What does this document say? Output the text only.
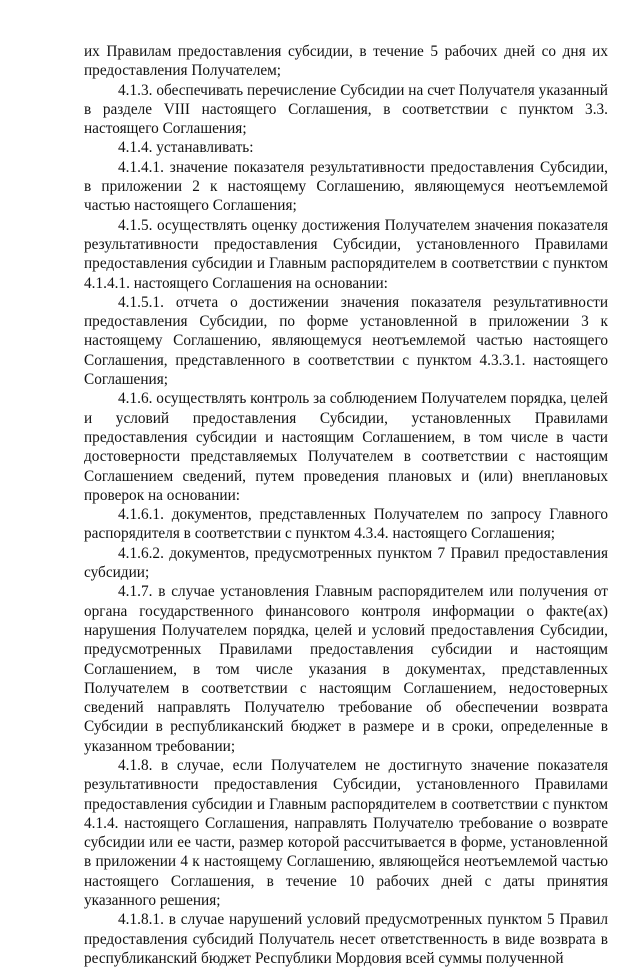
их Правилам предоставления субсидии, в течение 5 рабочих дней со дня их предоставления Получателем;

4.1.3. обеспечивать перечисление Субсидии на счет Получателя указанный в разделе VIII настоящего Соглашения, в соответствии с пунктом 3.3. настоящего Соглашения;

4.1.4. устанавливать:

4.1.4.1. значение показателя результативности предоставления Субсидии, в приложении 2 к настоящему Соглашению, являющемуся неотъемлемой частью настоящего Соглашения;

4.1.5. осуществлять оценку достижения Получателем значения показателя результативности предоставления Субсидии, установленного Правилами предоставления субсидии и Главным распорядителем в соответствии с пунктом 4.1.4.1. настоящего Соглашения на основании:

4.1.5.1. отчета о достижении значения показателя результативности предоставления Субсидии, по форме установленной в приложении 3 к настоящему Соглашению, являющемуся неотъемлемой частью настоящего Соглашения, представленного в соответствии с пунктом 4.3.3.1. настоящего Соглашения;

4.1.6. осуществлять контроль за соблюдением Получателем порядка, целей и условий предоставления Субсидии, установленных Правилами предоставления субсидии и настоящим Соглашением, в том числе в части достоверности представляемых Получателем в соответствии с настоящим Соглашением сведений, путем проведения плановых и (или) внеплановых проверок на основании:

4.1.6.1. документов, представленных Получателем по запросу Главного распорядителя в соответствии с пунктом 4.3.4. настоящего Соглашения;

4.1.6.2. документов, предусмотренных пунктом 7 Правил предоставления субсидии;

4.1.7. в случае установления Главным распорядителем или получения от органа государственного финансового контроля информации о факте(ах) нарушения Получателем порядка, целей и условий предоставления Субсидии, предусмотренных Правилами предоставления субсидии и настоящим Соглашением, в том числе указания в документах, представленных Получателем в соответствии с настоящим Соглашением, недостоверных сведений направлять Получателю требование об обеспечении возврата Субсидии в республиканский бюджет в размере и в сроки, определенные в указанном требовании;

4.1.8. в случае, если Получателем не достигнуто значение показателя результативности предоставления Субсидии, установленного Правилами предоставления субсидии и Главным распорядителем в соответствии с пунктом 4.1.4. настоящего Соглашения, направлять Получателю требование о возврате субсидии или ее части, размер которой рассчитывается в форме, установленной в приложении 4 к настоящему Соглашению, являющейся неотъемлемой частью настоящего Соглашения, в течение 10 рабочих дней с даты принятия указанного решения;

4.1.8.1. в случае нарушений условий предусмотренных пунктом 5 Правил предоставления субсидий Получатель несет ответственность в виде возврата в республиканский бюджет Республики Мордовия всей суммы полученной
